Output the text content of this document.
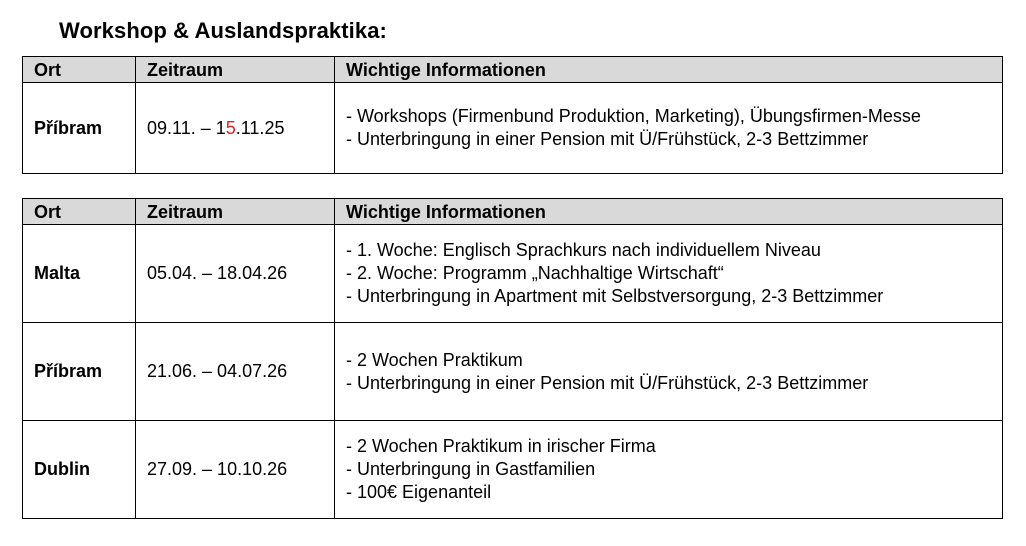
Workshop & Auslandspraktika:
Ort	Zeitraum	Wichtige Informationen
Příbram	09.11. – 15.11.25	- Workshops (Firmenbund Produktion, Marketing), Übungsfirmen-Messe
- Unterbringung in einer Pension mit Ü/Frühstück, 2-3 Bettzimmer
Ort	Zeitraum	Wichtige Informationen
Malta	05.04. – 18.04.26	- 1. Woche: Englisch Sprachkurs nach individuellem Niveau
- 2. Woche: Programm „Nachhaltige Wirtschaft“
- Unterbringung in Apartment mit Selbstversorgung, 2-3 Bettzimmer

Příbram	21.06. – 04.07.26	- 2 Wochen Praktikum
- Unterbringung in einer Pension mit Ü/Frühstück, 2-3 Bettzimmer

Dublin	27.09. – 10.10.26	- 2 Wochen Praktikum in irischer Firma
- Unterbringung in Gastfamilien
- 100€ Eigenanteil
